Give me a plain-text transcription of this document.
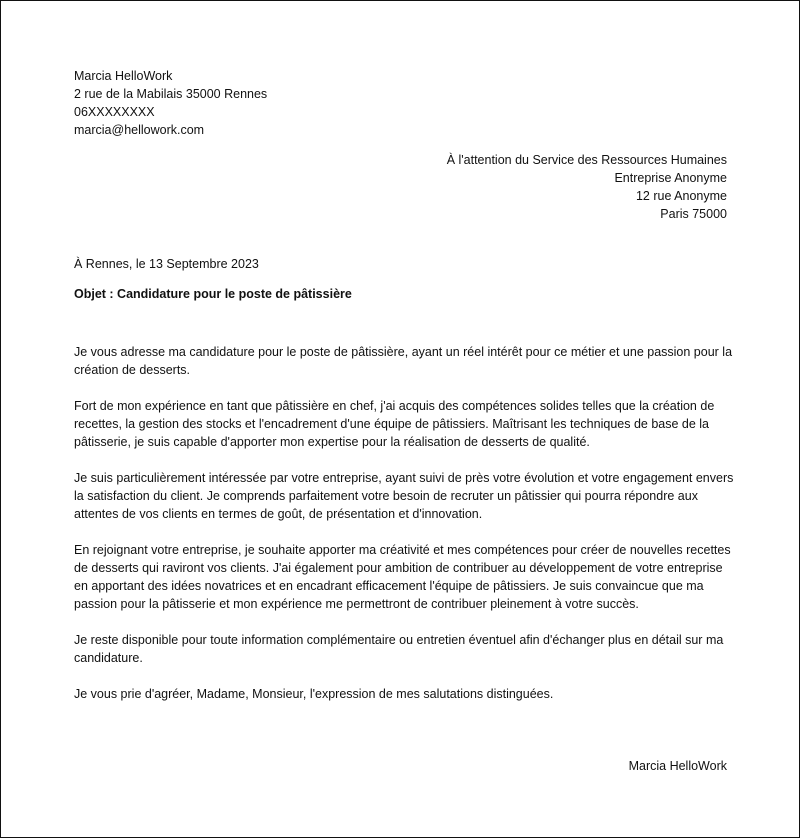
Marcia HelloWork
2 rue de la Mabilais 35000 Rennes
06XXXXXXXX
marcia@hellowork.com
À l'attention du Service des Ressources Humaines
Entreprise Anonyme
12 rue Anonyme
Paris 75000
À Rennes, le 13 Septembre 2023
Objet : Candidature pour le poste de pâtissière

Je vous adresse ma candidature pour le poste de pâtissière, ayant un réel intérêt pour ce métier et une passion pour la création de desserts.

Fort de mon expérience en tant que pâtissière en chef, j'ai acquis des compétences solides telles que la création de recettes, la gestion des stocks et l'encadrement d'une équipe de pâtissiers. Maîtrisant les techniques de base de la pâtisserie, je suis capable d'apporter mon expertise pour la réalisation de desserts de qualité.

Je suis particulièrement intéressée par votre entreprise, ayant suivi de près votre évolution et votre engagement envers la satisfaction du client. Je comprends parfaitement votre besoin de recruter un pâtissier qui pourra répondre aux attentes de vos clients en termes de goût, de présentation et d'innovation.

En rejoignant votre entreprise, je souhaite apporter ma créativité et mes compétences pour créer de nouvelles recettes de desserts qui raviront vos clients. J'ai également pour ambition de contribuer au développement de votre entreprise en apportant des idées novatrices et en encadrant efficacement l'équipe de pâtissiers. Je suis convaincue que ma passion pour la pâtisserie et mon expérience me permettront de contribuer pleinement à votre succès.

Je reste disponible pour toute information complémentaire ou entretien éventuel afin d'échanger plus en détail sur ma candidature.

Je vous prie d'agréer, Madame, Monsieur, l'expression de mes salutations distinguées.

Marcia HelloWork
